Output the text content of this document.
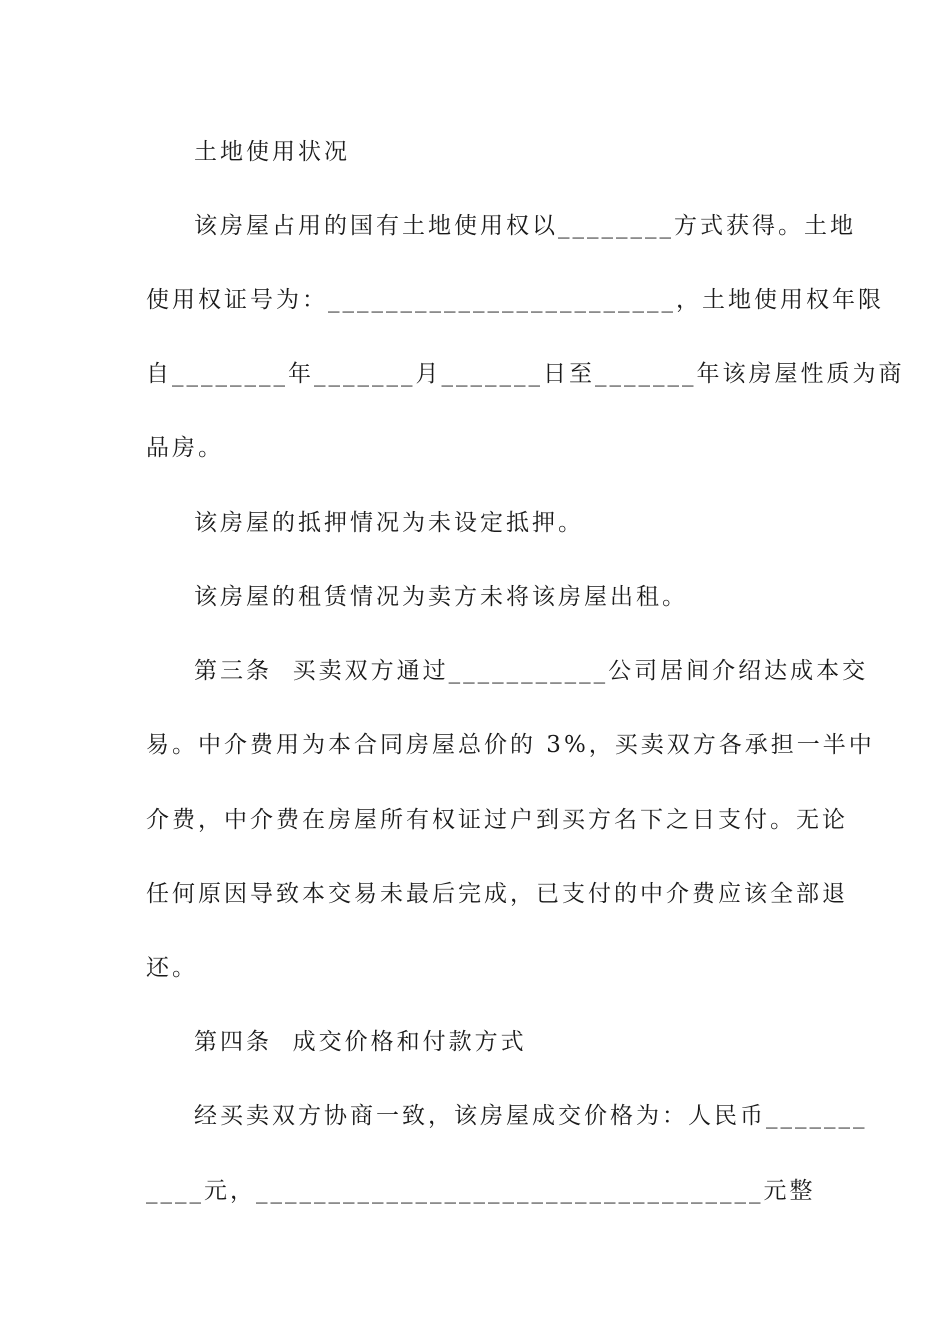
土地使用状况
该房屋占用的国有土地使用权以________方式获得。土地
使用权证号为：________________________，土地使用权年限
自________年_______月_______日至_______年该房屋性质为商
品房。
该房屋的抵押情况为未设定抵押。
该房屋的租赁情况为卖方未将该房屋出租。
第三条  买卖双方通过___________公司居间介绍达成本交
易。中介费用为本合同房屋总价的 3%，买卖双方各承担一半中
介费，中介费在房屋所有权证过户到买方名下之日支付。无论
任何原因导致本交易未最后完成，已支付的中介费应该全部退
还。
第四条  成交价格和付款方式
经买卖双方协商一致，该房屋成交价格为：人民币_______
____元，___________________________________元整
